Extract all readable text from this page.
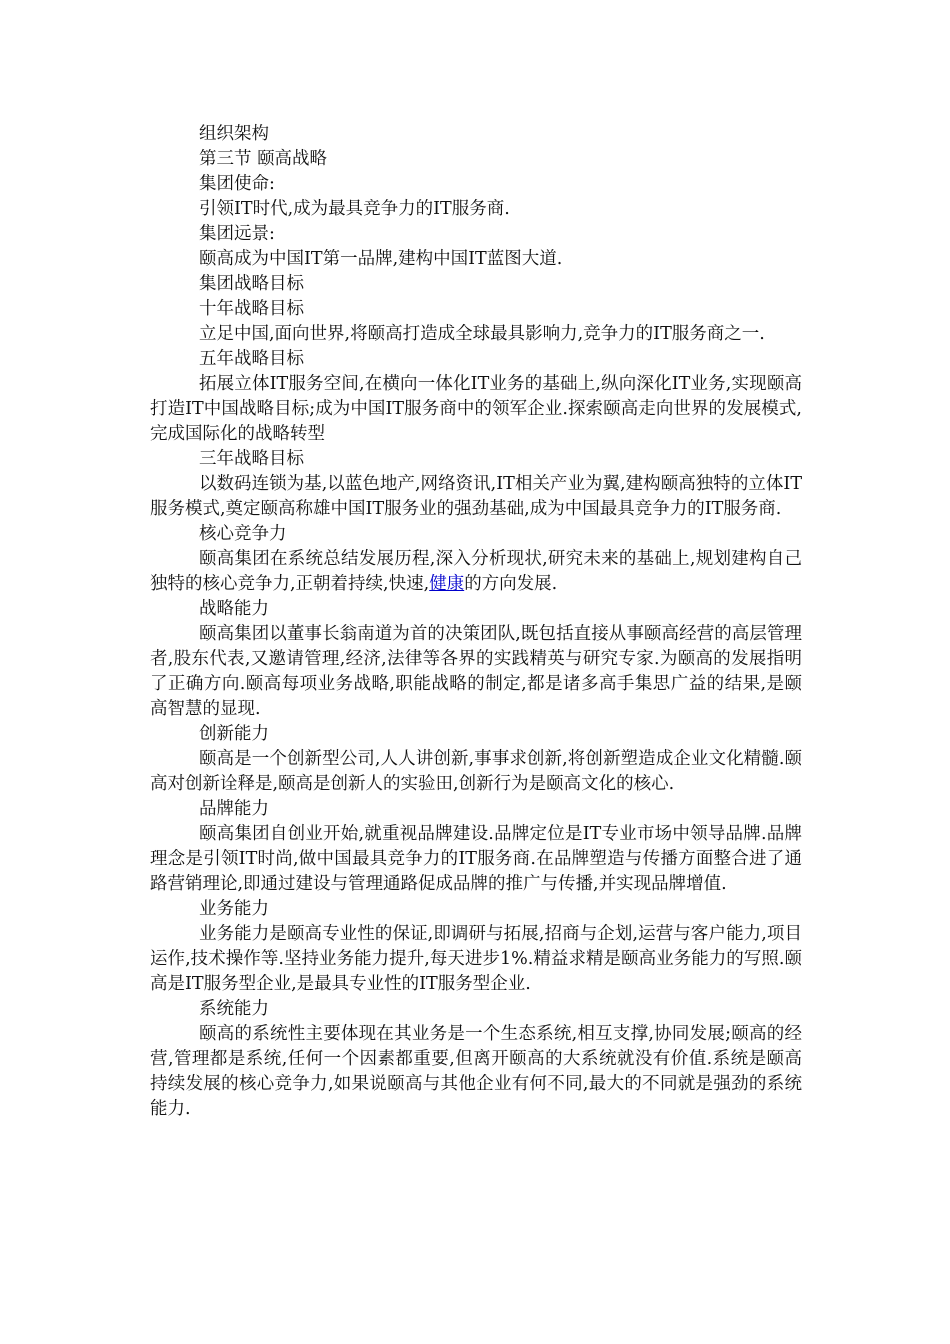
组织架构

第三节 颐高战略

集团使命:

引领IT时代,成为最具竞争力的IT服务商.

集团远景:

颐高成为中国IT第一品牌,建构中国IT蓝图大道.

集团战略目标

十年战略目标

立足中国,面向世界,将颐高打造成全球最具影响力,竞争力的IT服务商之一.

五年战略目标

拓展立体IT服务空间,在横向一体化IT业务的基础上,纵向深化IT业务,实现颐高打造IT中国战略目标;成为中国IT服务商中的领军企业.探索颐高走向世界的发展模式,完成国际化的战略转型

三年战略目标

以数码连锁为基,以蓝色地产,网络资讯,IT相关产业为翼,建构颐高独特的立体IT服务模式,奠定颐高称雄中国IT服务业的强劲基础,成为中国最具竞争力的IT服务商.

核心竞争力

颐高集团在系统总结发展历程,深入分析现状,研究未来的基础上,规划建构自己独特的核心竞争力,正朝着持续,快速,健康的方向发展.

战略能力

颐高集团以董事长翁南道为首的决策团队,既包括直接从事颐高经营的高层管理者,股东代表,又邀请管理,经济,法律等各界的实践精英与研究专家.为颐高的发展指明了正确方向.颐高每项业务战略,职能战略的制定,都是诸多高手集思广益的结果,是颐高智慧的显现.

创新能力

颐高是一个创新型公司,人人讲创新,事事求创新,将创新塑造成企业文化精髓.颐高对创新诠释是,颐高是创新人的实验田,创新行为是颐高文化的核心.

品牌能力

颐高集团自创业开始,就重视品牌建设.品牌定位是IT专业市场中领导品牌.品牌理念是引领IT时尚,做中国最具竞争力的IT服务商.在品牌塑造与传播方面整合进了通路营销理论,即通过建设与管理通路促成品牌的推广与传播,并实现品牌增值.

业务能力

业务能力是颐高专业性的保证,即调研与拓展,招商与企划,运营与客户能力,项目运作,技术操作等.坚持业务能力提升,每天进步1%.精益求精是颐高业务能力的写照.颐高是IT服务型企业,是最具专业性的IT服务型企业.

系统能力

颐高的系统性主要体现在其业务是一个生态系统,相互支撑,协同发展;颐高的经营,管理都是系统,任何一个因素都重要,但离开颐高的大系统就没有价值.系统是颐高持续发展的核心竞争力,如果说颐高与其他企业有何不同,最大的不同就是强劲的系统能力.
